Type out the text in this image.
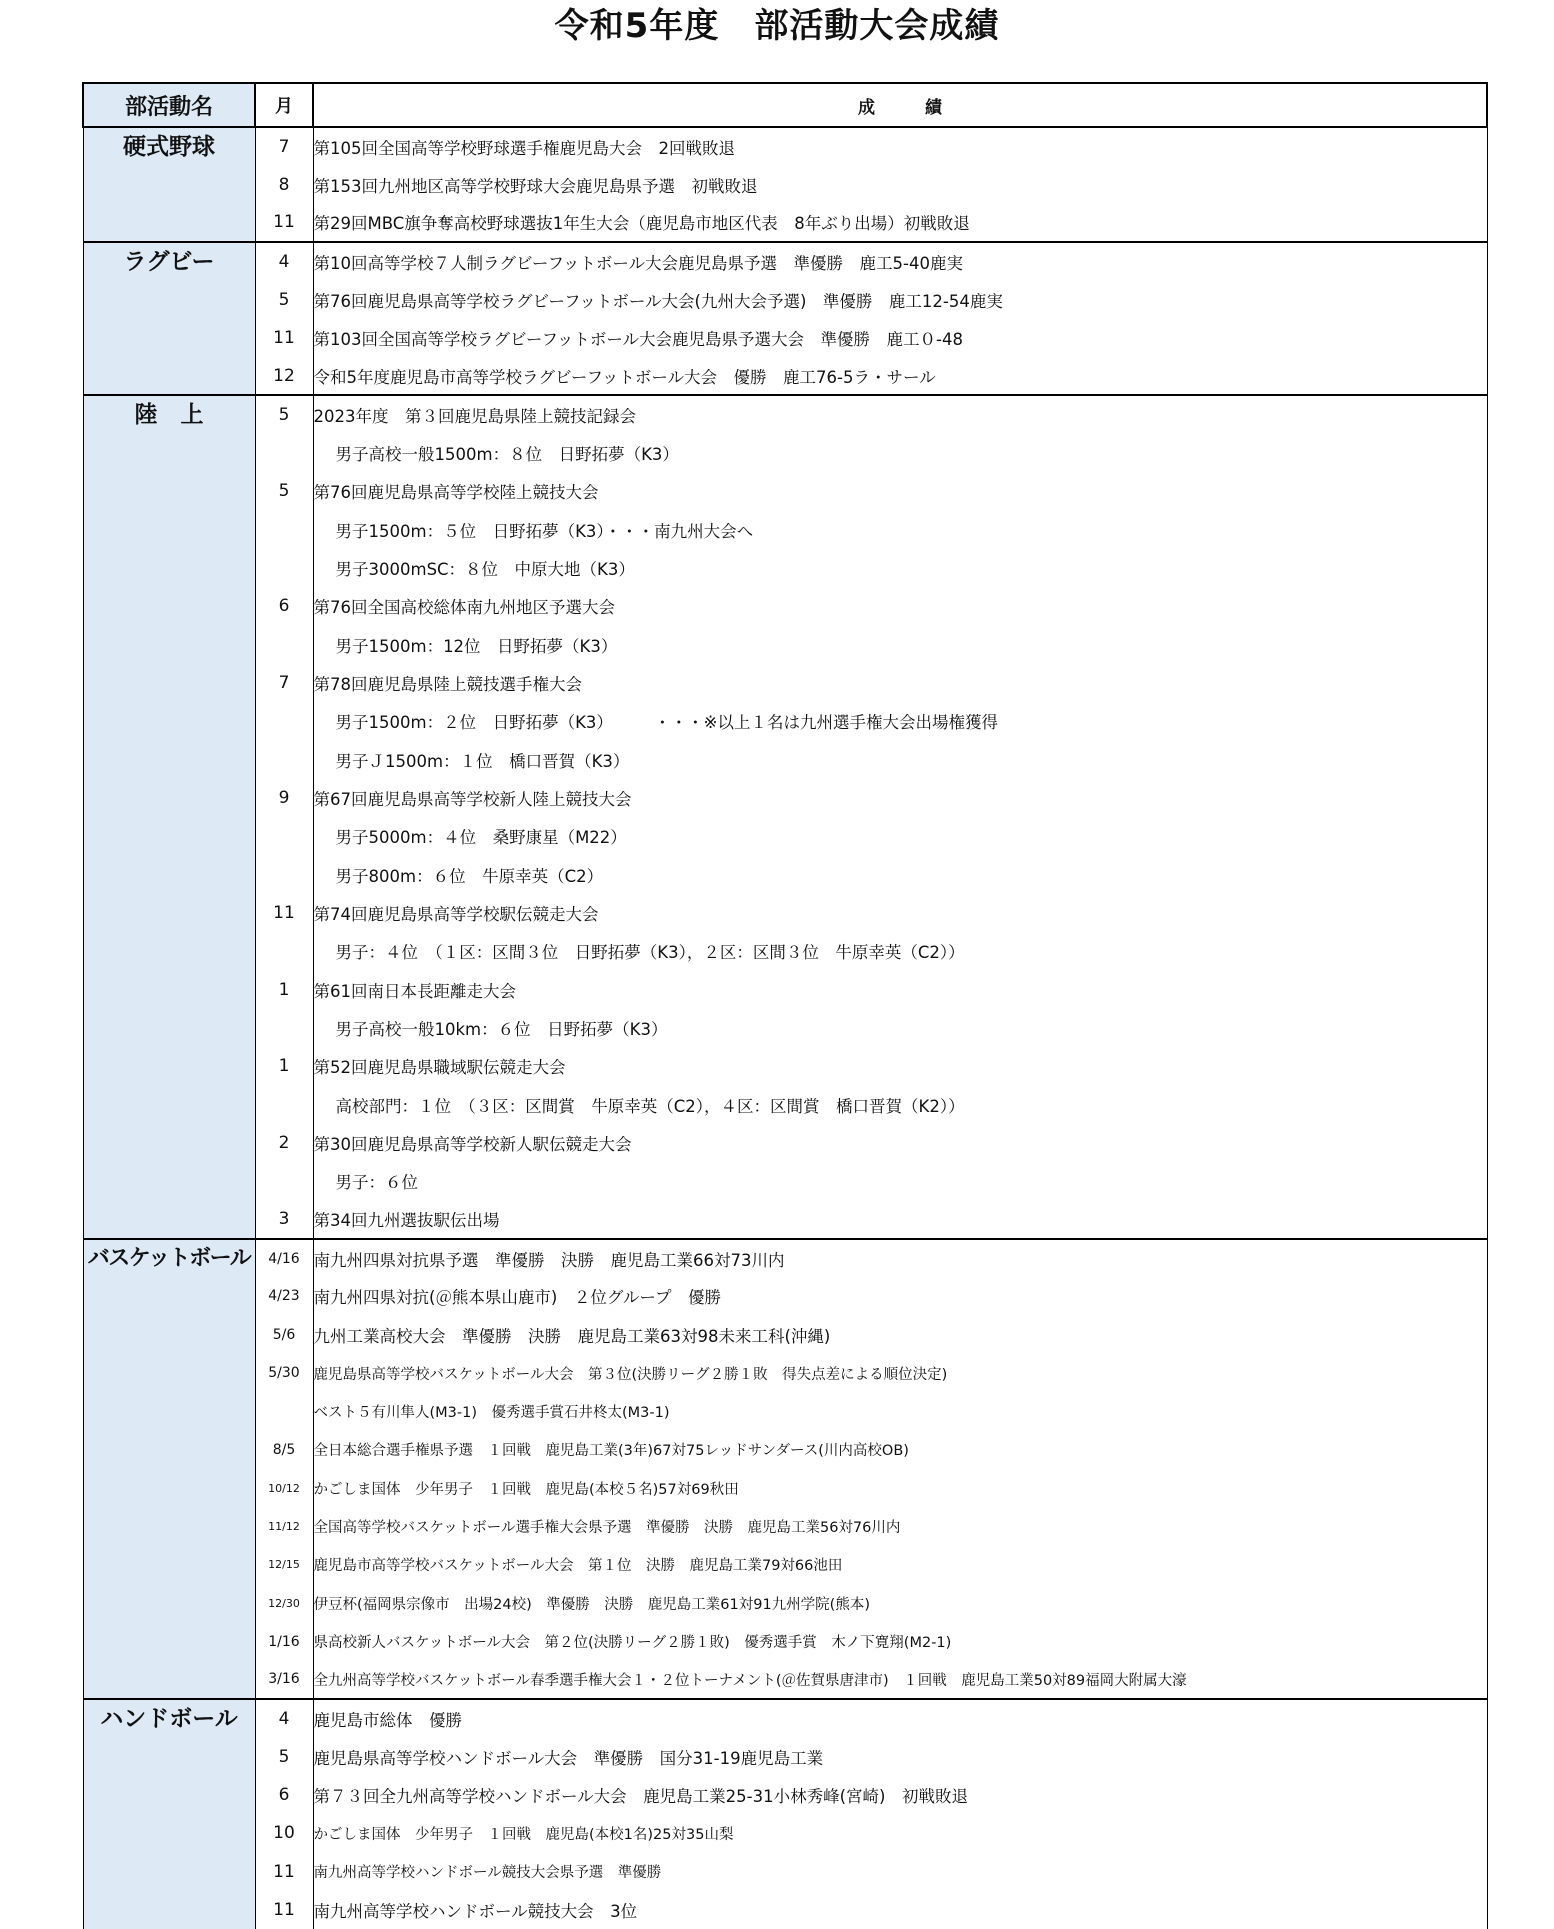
令和5年度　部活動大会成績
部活動名	月	成績
硬式野球	7	第105回全国高等学校野球選手権鹿児島大会　2回戦敗退
	8	第153回九州地区高等学校野球大会鹿児島県予選　初戦敗退
	11	第29回MBC旗争奪高校野球選抜1年生大会（鹿児島市地区代表　8年ぶり出場）初戦敗退
ラグビー	4	第10回高等学校７人制ラグビーフットボール大会鹿児島県予選　準優勝　鹿工5-40鹿実
	5	第76回鹿児島県高等学校ラグビーフットボール大会(九州大会予選)　準優勝　鹿工12-54鹿実
	11	第103回全国高等学校ラグビーフットボール大会鹿児島県予選大会　準優勝　鹿工０-48
	12	令和5年度鹿児島市高等学校ラグビーフットボール大会　優勝　鹿工76-5ラ・サール
陸　上	5	2023年度　第３回鹿児島県陸上競技記録会
		男子高校一般1500m：８位　日野拓夢（K3）
	5	第76回鹿児島県高等学校陸上競技大会
		男子1500m：５位　日野拓夢（K3）・・・南九州大会へ
		男子3000mSC：８位　中原大地（K3）
	6	第76回全国高校総体南九州地区予選大会
		男子1500m：12位　日野拓夢（K3）
	7	第78回鹿児島県陸上競技選手権大会
		男子1500m：２位　日野拓夢（K3）　　　・・・※以上１名は九州選手権大会出場権獲得
		男子Ｊ1500m：１位　橋口晋賀（K3）
	9	第67回鹿児島県高等学校新人陸上競技大会
		男子5000m：４位　桑野康星（M22）
		男子800m：６位　牛原幸英（C2）
	11	第74回鹿児島県高等学校駅伝競走大会
		男子：４位　（１区：区間３位　日野拓夢（K3），２区：区間３位　牛原幸英（C2））
	1	第61回南日本長距離走大会
		男子高校一般10km：６位　日野拓夢（K3）
	1	第52回鹿児島県職域駅伝競走大会
		高校部門：１位　（３区：区間賞　牛原幸英（C2），４区：区間賞　橋口晋賀（K2））
	2	第30回鹿児島県高等学校新人駅伝競走大会
		男子：６位
	3	第34回九州選抜駅伝出場
バスケットボール	4/16	南九州四県対抗県予選　準優勝　決勝　鹿児島工業66対73川内
	4/23	南九州四県対抗(＠熊本県山鹿市)　２位グループ　優勝
	5/6	九州工業高校大会　準優勝　決勝　鹿児島工業63対98未来工科(沖縄)
	5/30	鹿児島県高等学校バスケットボール大会　第３位(決勝リーグ２勝１敗　得失点差による順位決定)
		ベスト５有川隼人(M3-1)　優秀選手賞石井柊太(M3-1)
	8/5	全日本総合選手権県予選　１回戦　鹿児島工業(3年)67対75レッドサンダース(川内高校OB)
	10/12	かごしま国体　少年男子　１回戦　鹿児島(本校５名)57対69秋田
	11/12	全国高等学校バスケットボール選手権大会県予選　準優勝　決勝　鹿児島工業56対76川内
	12/15	鹿児島市高等学校バスケットボール大会　第１位　決勝　鹿児島工業79対66池田
	12/30	伊豆杯(福岡県宗像市　出場24校)　準優勝　決勝　鹿児島工業61対91九州学院(熊本)
	1/16	県高校新人バスケットボール大会　第２位(決勝リーグ２勝１敗)　優秀選手賞　木ノ下寛翔(M2-1)
	3/16	全九州高等学校バスケットボール春季選手権大会１・２位トーナメント(＠佐賀県唐津市)　１回戦　鹿児島工業50対89福岡大附属大濠
ハンドボール	4	鹿児島市総体　優勝
	5	鹿児島県高等学校ハンドボール大会　準優勝　国分31-19鹿児島工業
	6	第７３回全九州高等学校ハンドボール大会　鹿児島工業25-31小林秀峰(宮崎)　初戦敗退
	10	かごしま国体　少年男子　１回戦　鹿児島(本校1名)25対35山梨
	11	南九州高等学校ハンドボール競技大会県予選　準優勝
	11	南九州高等学校ハンドボール競技大会　3位
